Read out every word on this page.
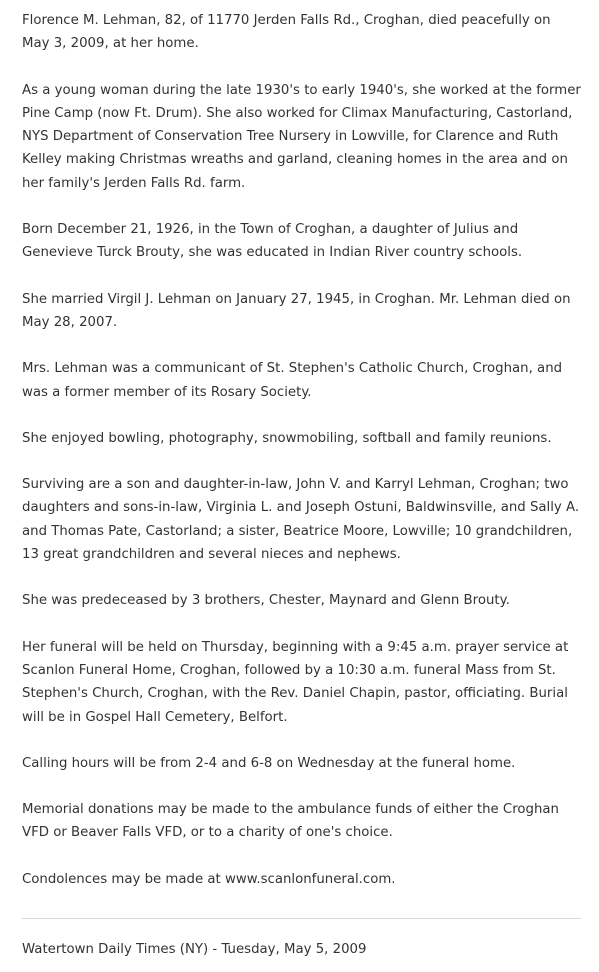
Florence M. Lehman, 82, of 11770 Jerden Falls Rd., Croghan, died peacefully on May 3, 2009, at her home.

As a young woman during the late 1930's to early 1940's, she worked at the former Pine Camp (now Ft. Drum). She also worked for Climax Manufacturing, Castorland, NYS Department of Conservation Tree Nursery in Lowville, for Clarence and Ruth Kelley making Christmas wreaths and garland, cleaning homes in the area and on her family's Jerden Falls Rd. farm.

Born December 21, 1926, in the Town of Croghan, a daughter of Julius and Genevieve Turck Brouty, she was educated in Indian River country schools.

She married Virgil J. Lehman on January 27, 1945, in Croghan. Mr. Lehman died on May 28, 2007.

Mrs. Lehman was a communicant of St. Stephen's Catholic Church, Croghan, and was a former member of its Rosary Society.

She enjoyed bowling, photography, snowmobiling, softball and family reunions.

Surviving are a son and daughter-in-law, John V. and Karryl Lehman, Croghan; two daughters and sons-in-law, Virginia L. and Joseph Ostuni, Baldwinsville, and Sally A. and Thomas Pate, Castorland; a sister, Beatrice Moore, Lowville; 10 grandchildren, 13 great grandchildren and several nieces and nephews.

She was predeceased by 3 brothers, Chester, Maynard and Glenn Brouty.

Her funeral will be held on Thursday, beginning with a 9:45 a.m. prayer service at Scanlon Funeral Home, Croghan, followed by a 10:30 a.m. funeral Mass from St. Stephen's Church, Croghan, with the Rev. Daniel Chapin, pastor, officiating. Burial will be in Gospel Hall Cemetery, Belfort.

Calling hours will be from 2-4 and 6-8 on Wednesday at the funeral home.

Memorial donations may be made to the ambulance funds of either the Croghan VFD or Beaver Falls VFD, or to a charity of one's choice.

Condolences may be made at www.scanlonfuneral.com.

Watertown Daily Times (NY) - Tuesday, May 5, 2009
